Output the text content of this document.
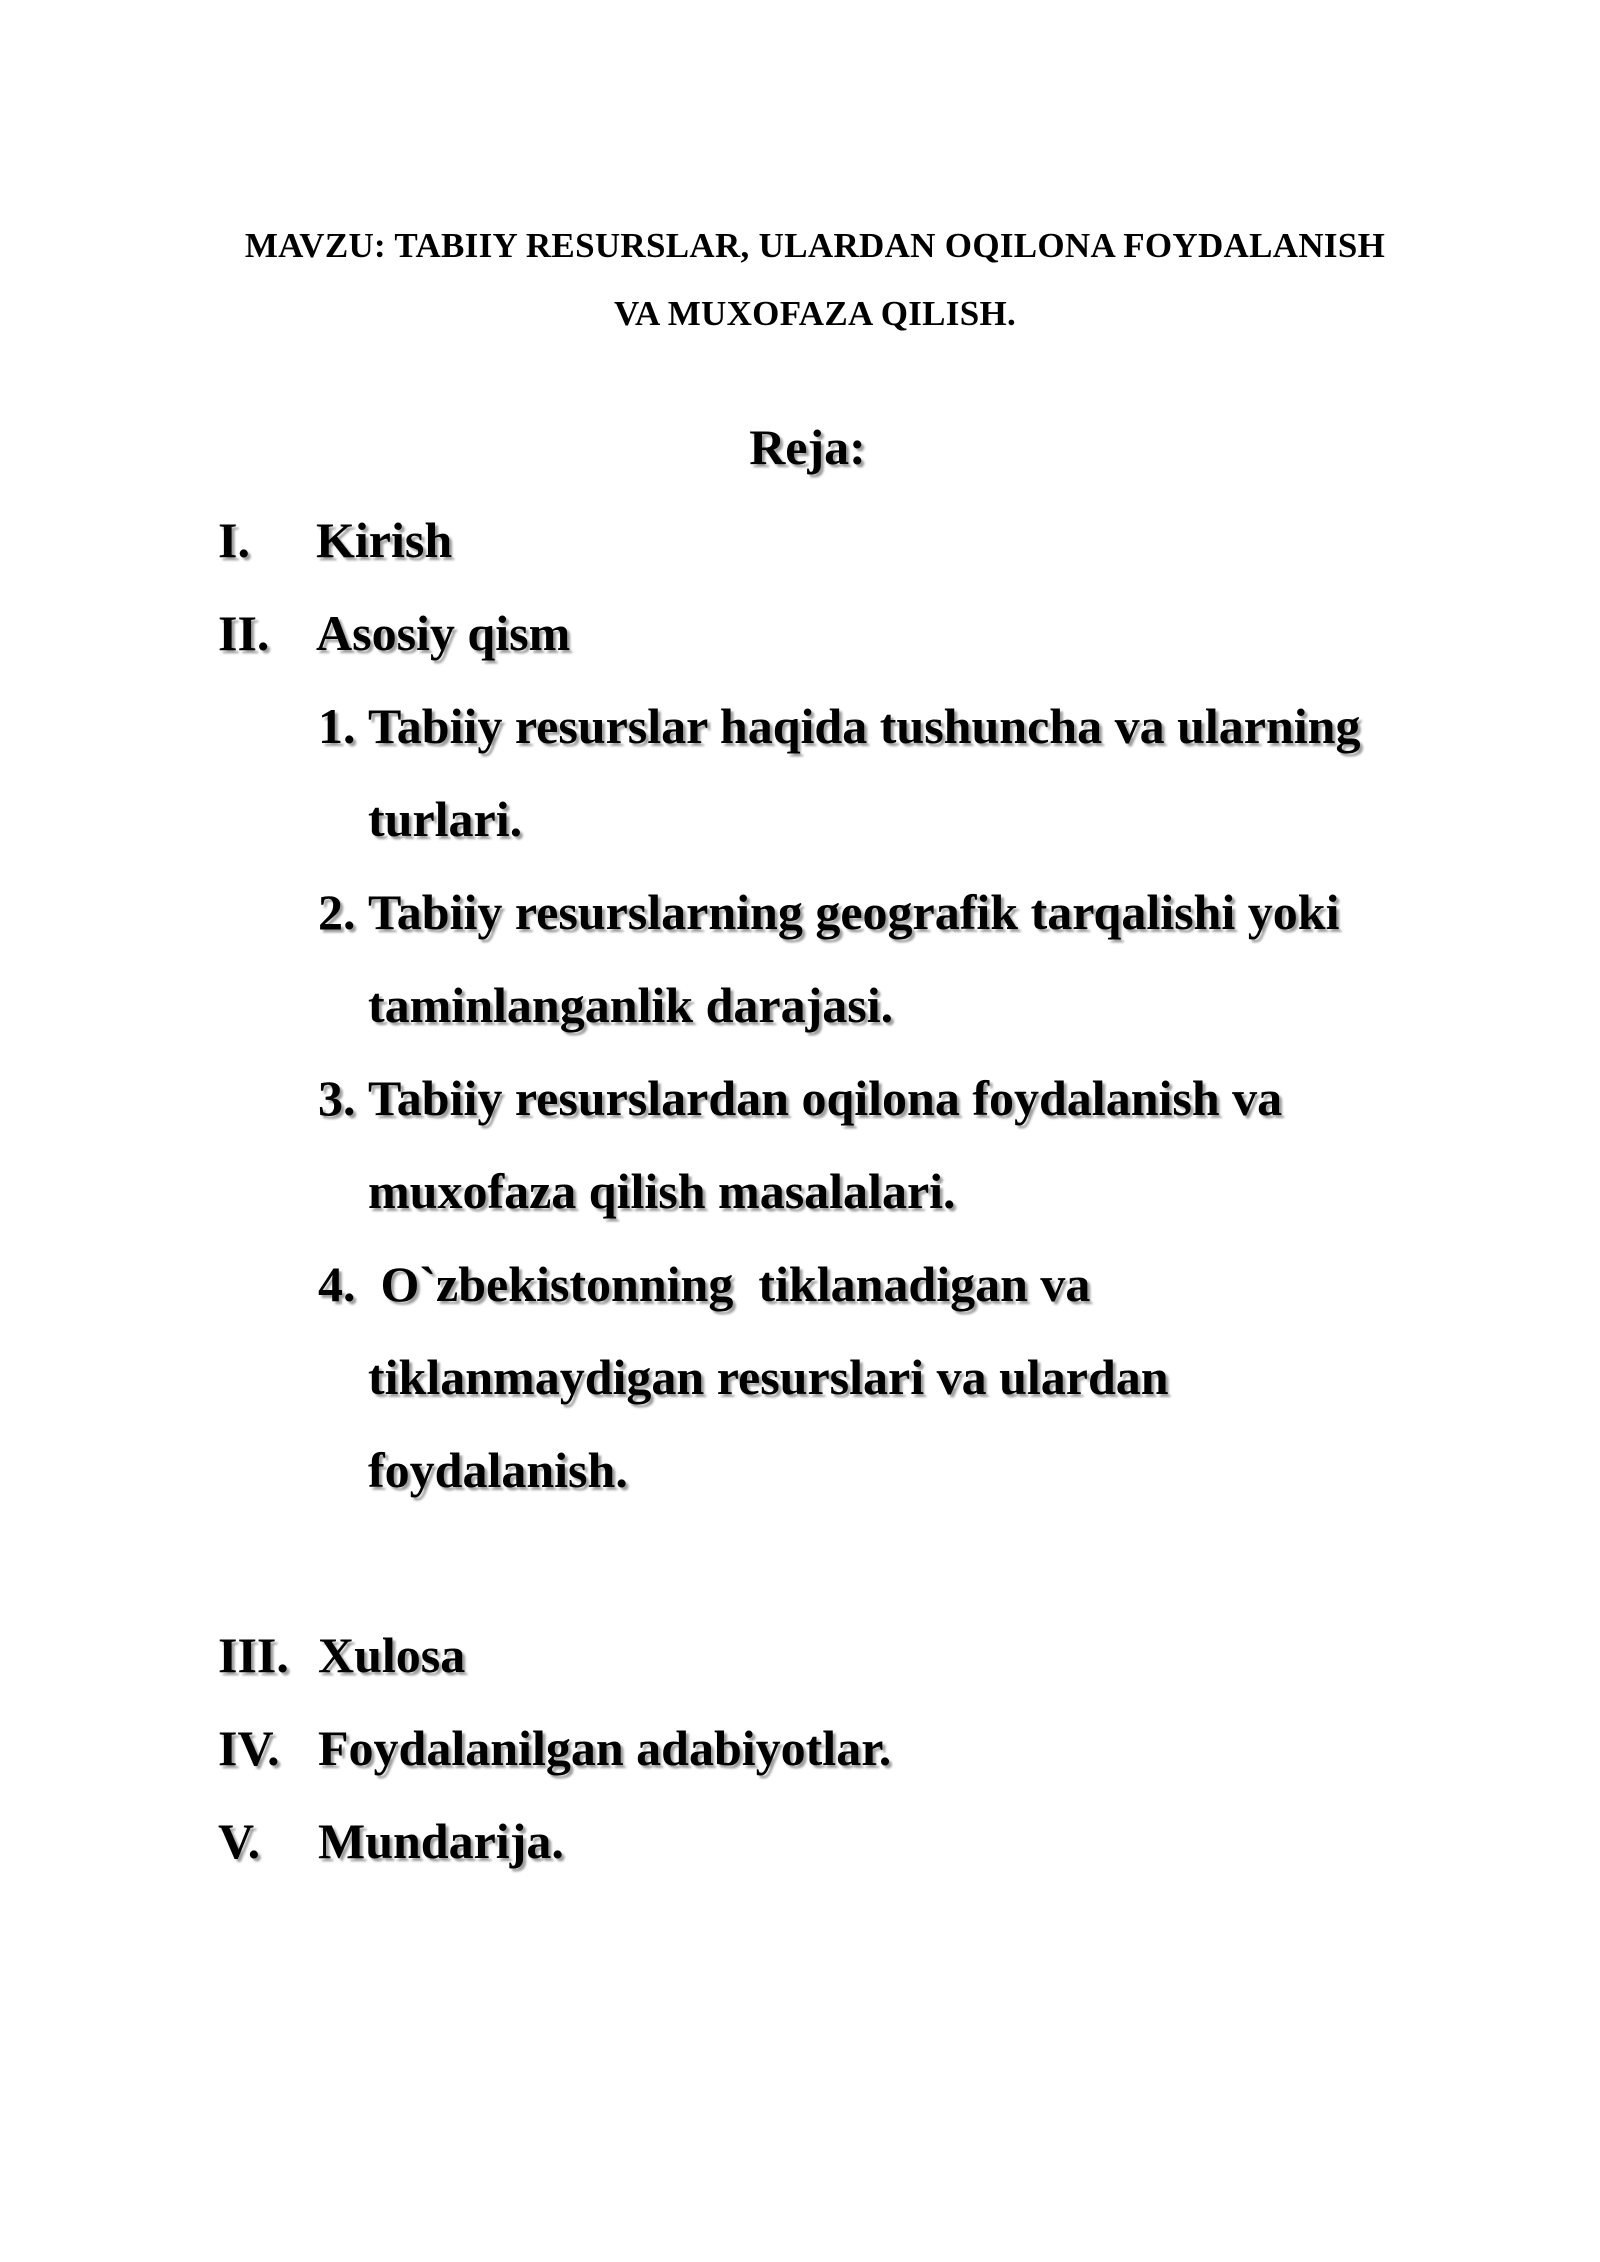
MAVZU: TABIIY RESURSLAR, ULARDAN OQILONA FOYDALANISH
VA MUXOFAZA QILISH.
Reja:
I. Kirish
II. Asosiy qism
1. Tabiiy resurslar haqida tushuncha va ularning
turlari.
2. Tabiiy resurslarning geografik tarqalishi yoki
taminlanganlik darajasi.
3. Tabiiy resurslardan oqilona foydalanish va
muxofaza qilish masalalari.
4. O`zbekistonning  tiklanadigan va
tiklanmaydigan resurslari va ulardan
foydalanish.
III. Xulosa
IV. Foydalanilgan adabiyotlar.
V. Mundarija.
